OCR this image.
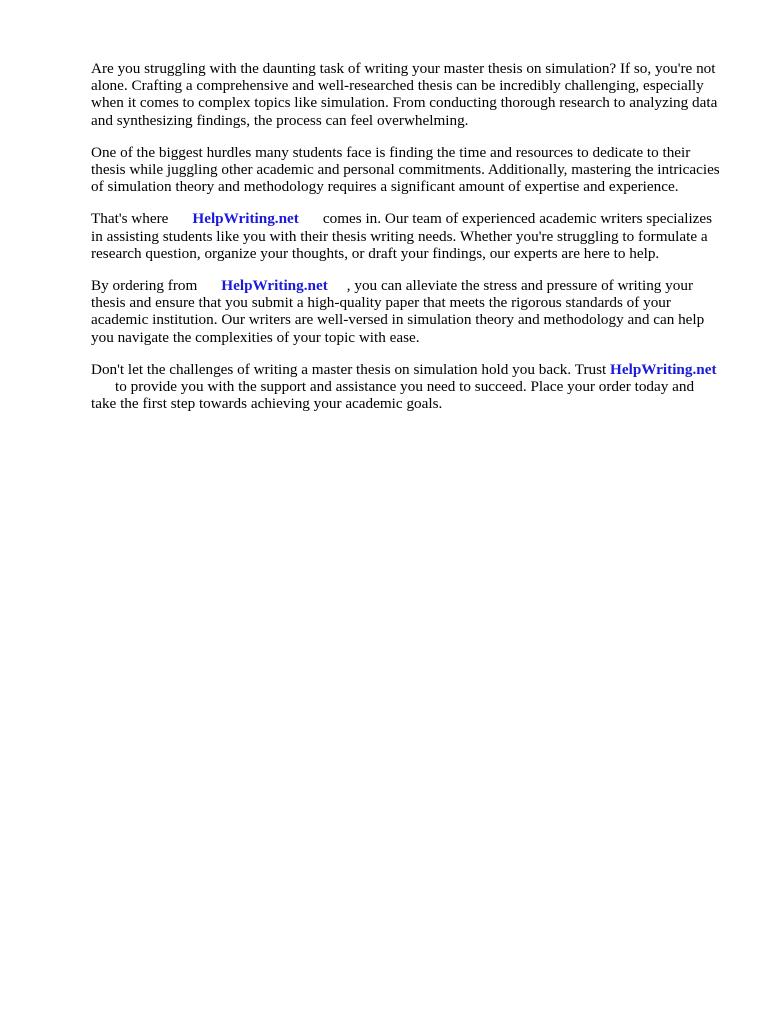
Are you struggling with the daunting task of writing your master thesis on simulation? If so, you're not alone. Crafting a comprehensive and well-researched thesis can be incredibly challenging, especially when it comes to complex topics like simulation. From conducting thorough research to analyzing data and synthesizing findings, the process can feel overwhelming.

One of the biggest hurdles many students face is finding the time and resources to dedicate to their thesis while juggling other academic and personal commitments. Additionally, mastering the intricacies of simulation theory and methodology requires a significant amount of expertise and experience.

That's where HelpWriting.net comes in. Our team of experienced academic writers specializes in assisting students like you with their thesis writing needs. Whether you're struggling to formulate a research question, organize your thoughts, or draft your findings, our experts are here to help.

By ordering from HelpWriting.net , you can alleviate the stress and pressure of writing your thesis and ensure that you submit a high-quality paper that meets the rigorous standards of your academic institution. Our writers are well-versed in simulation theory and methodology and can help you navigate the complexities of your topic with ease.

Don't let the challenges of writing a master thesis on simulation hold you back. Trust HelpWriting.netto provide you with the support and assistance you need to succeed. Place your order today and take the first step towards achieving your academic goals.
